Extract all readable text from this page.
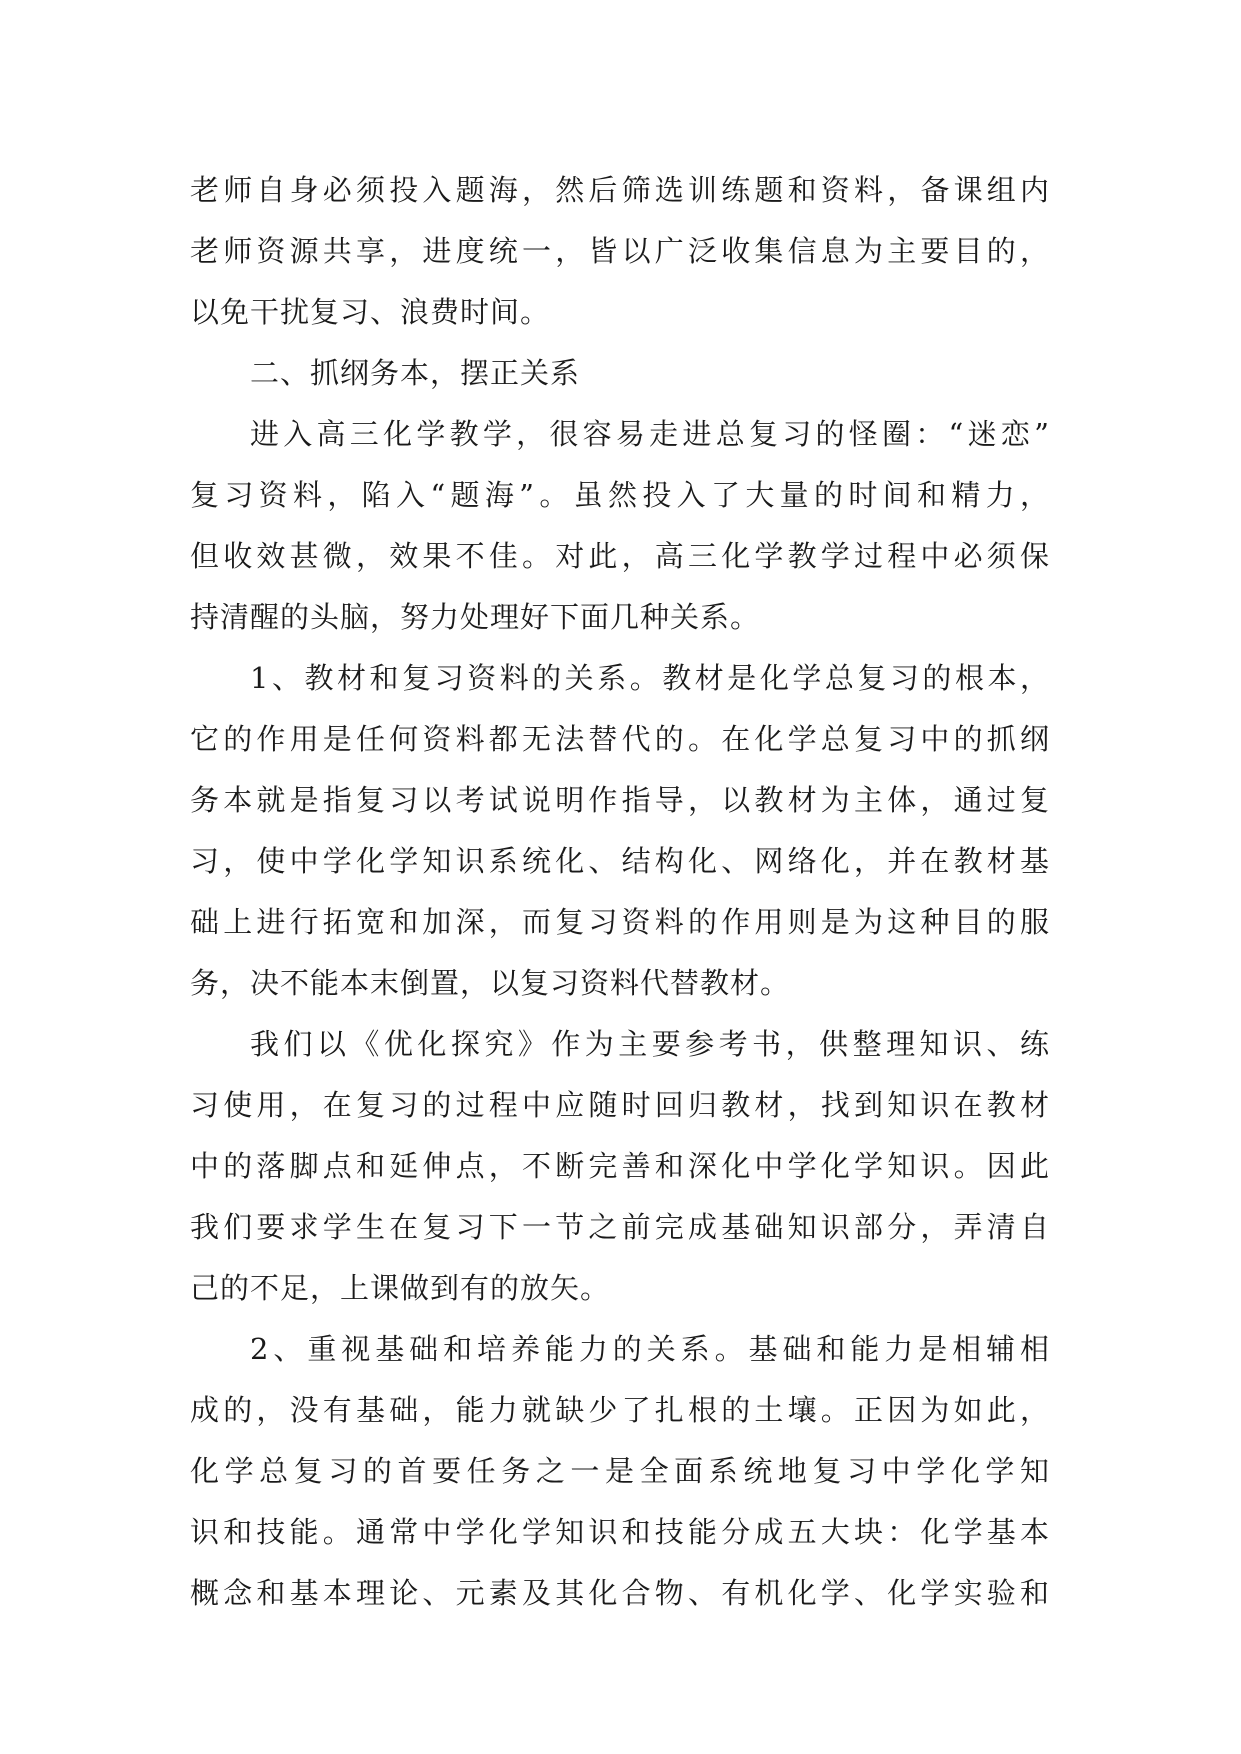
老师自身必须投入题海，然后筛选训练题和资料，备课组内
老师资源共享，进度统一，皆以广泛收集信息为主要目的，
以免干扰复习、浪费时间。
二、抓纲务本，摆正关系
进入高三化学教学，很容易走进总复习的怪圈：“迷恋”
复习资料，陷入“题海”。虽然投入了大量的时间和精力，
但收效甚微，效果不佳。对此，高三化学教学过程中必须保
持清醒的头脑，努力处理好下面几种关系。
1、教材和复习资料的关系。教材是化学总复习的根本，
它的作用是任何资料都无法替代的。在化学总复习中的抓纲
务本就是指复习以考试说明作指导，以教材为主体，通过复
习，使中学化学知识系统化、结构化、网络化，并在教材基
础上进行拓宽和加深，而复习资料的作用则是为这种目的服
务，决不能本末倒置，以复习资料代替教材。
我们以《优化探究》作为主要参考书，供整理知识、练
习使用，在复习的过程中应随时回归教材，找到知识在教材
中的落脚点和延伸点，不断完善和深化中学化学知识。因此
我们要求学生在复习下一节之前完成基础知识部分，弄清自
己的不足，上课做到有的放矢。
2、重视基础和培养能力的关系。基础和能力是相辅相
成的，没有基础，能力就缺少了扎根的土壤。正因为如此，
化学总复习的首要任务之一是全面系统地复习中学化学知
识和技能。通常中学化学知识和技能分成五大块：化学基本
概念和基本理论、元素及其化合物、有机化学、化学实验和
